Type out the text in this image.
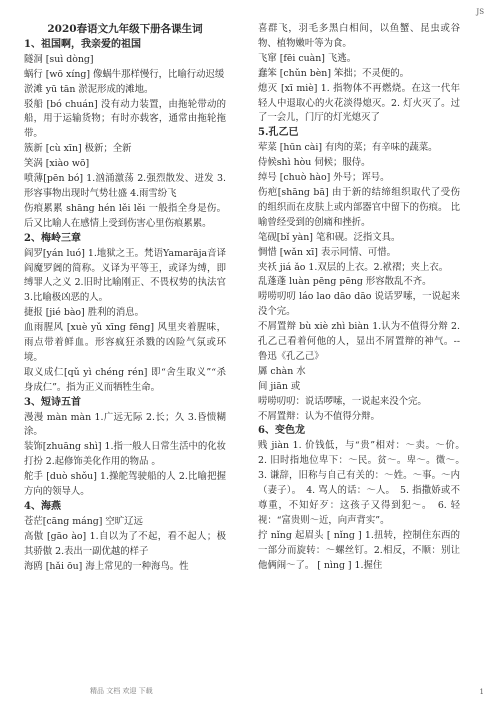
JS
2020春语文九年级下册各课生词
1、祖国啊，我亲爱的祖国
隧洞 [suì dòng]
蜗行 [wō xíng] 像蜗牛那样慢行，比喻行动迟缓
淤滩 yū tān 淤泥形成的滩地。
驳船 [bó chuán] 没有动力装置，由拖轮带动的船，用于运输货物；有时亦载客，通常由拖轮拖带。
簇新 [cù xīn] 极新；全新
笑涡 [xiào wō]
喷薄[pēn bó] 1.汹涌激荡 2.强烈散发、迸发 3.形容事物出现时气势壮盛 4.雨雪纷飞
伤痕累累 shāng hén lěi lěi 一般指全身是伤。后又比喻人在感情上受到伤害心里伤痕累累。
2、梅岭三章
阎罗[yán luó] 1.地狱之王。梵语Yamarāja音译阎魔罗阇的简称。义译为平等王，或译为缚，即缚罪人之义 2.旧时比喻刚正、不畏权势的执法官 3.比喻极凶恶的人。
捷报 [jié bào] 胜利的消息。
血雨腥风 [xuè yǔ xīng fēng] 风里夹着腥味，雨点带着鲜血。形容疯狂杀戮的凶险气氛或环境。
取义成仁[qǔ yì chéng rén] 即“舍生取义”“杀身成仁”。指为正义而牺牲生命。
3、短诗五首
漫漫 màn màn 1.广远无际 2.长；久 3.昏愦糊涂。
装饰[zhuāng shì] 1.指一般人日常生活中的化妆打扮 2.起修饰美化作用的物品 。
舵手 [duò shǒu] 1.操舵驾驶船的人 2.比喻把握方向的领导人。
4、海燕
苍茫[cāng máng] 空旷辽远
高傲 [gāo ào] 1.自以为了不起，看不起人；极其骄傲 2.表出一副优越的样子
海鸥 [hǎi ōu] 海上常见的一种海鸟。性
喜群飞，羽毛多黑白相间，以鱼蟹、昆虫或谷物、植物嫩叶等为食。
飞窜 [fēi cuàn] 飞逃。
蠢笨 [chǔn bèn] 笨拙；不灵便的。
熄灭 [xī miè] 1. 指物体不再燃烧。在这一代年轻人中退取心的火花淡得熄灭。2. 灯火灭了。过了一会儿，门厅的灯光熄灭了
5.孔乙已
荤菜 [hūn cài] 有肉的菜；有辛味的蔬菜。
侍候shì hòu 伺候；服侍。
绰号 [chuò hào] 外号；诨号。
伤疤[shāng bā] 由于新的结缔组织取代了受伤的组织而在皮肤上或内部器官中留下的伤痕。 比喻曾经受到的创痛和挫折。
笔砚[bǐ yàn] 笔和砚。泛指文具。
惆惜 [wǎn xī] 表示同情、可惜。
夹袄 jiá ǎo 1.双层的上衣。2.袱褶；夹上衣。
乱蓬蓬 luàn pēng pēng 形容散乱不齐。
唠唠叨叨 láo lao dāo dāo 说话罗嗦，一说起来没个完。
不屑置辩 bù xiè zhì biàn 1.认为不值得分辩 2.孔乙己看着何他的人，显出不屑置辩的神气。--鲁迅《孔乙己》
羼 chàn 水
间 jiān 或
唠唠叨叨：说话啰嗦，一说起来没个完。
不屑置辩：认为不值得分辩。
6、变色龙
贱 jiàn 1. 价钱低，与“贵”相对：～卖。～价。　2. 旧时指地位卑下：～民。贫～。卑～。微～。　3. 谦辞，旧称与自己有关的：～姓。～事。～内（妻子）。　4. 骂人的话：～人。　5. 指撒娇或不尊重，不知好歹：这孩子又得到犯～。　6. 轻视：“富贵则～近，向声背实”。
拧 nǐng 起眉头 [ nǐng ] 1.扭转，控制住东西的一部分而旋转：～螺丝钉。2.相反，不顺：别让他俩闹～了。 [ nìng ] 1.握住
精品 文档 欢迎 下载	1
